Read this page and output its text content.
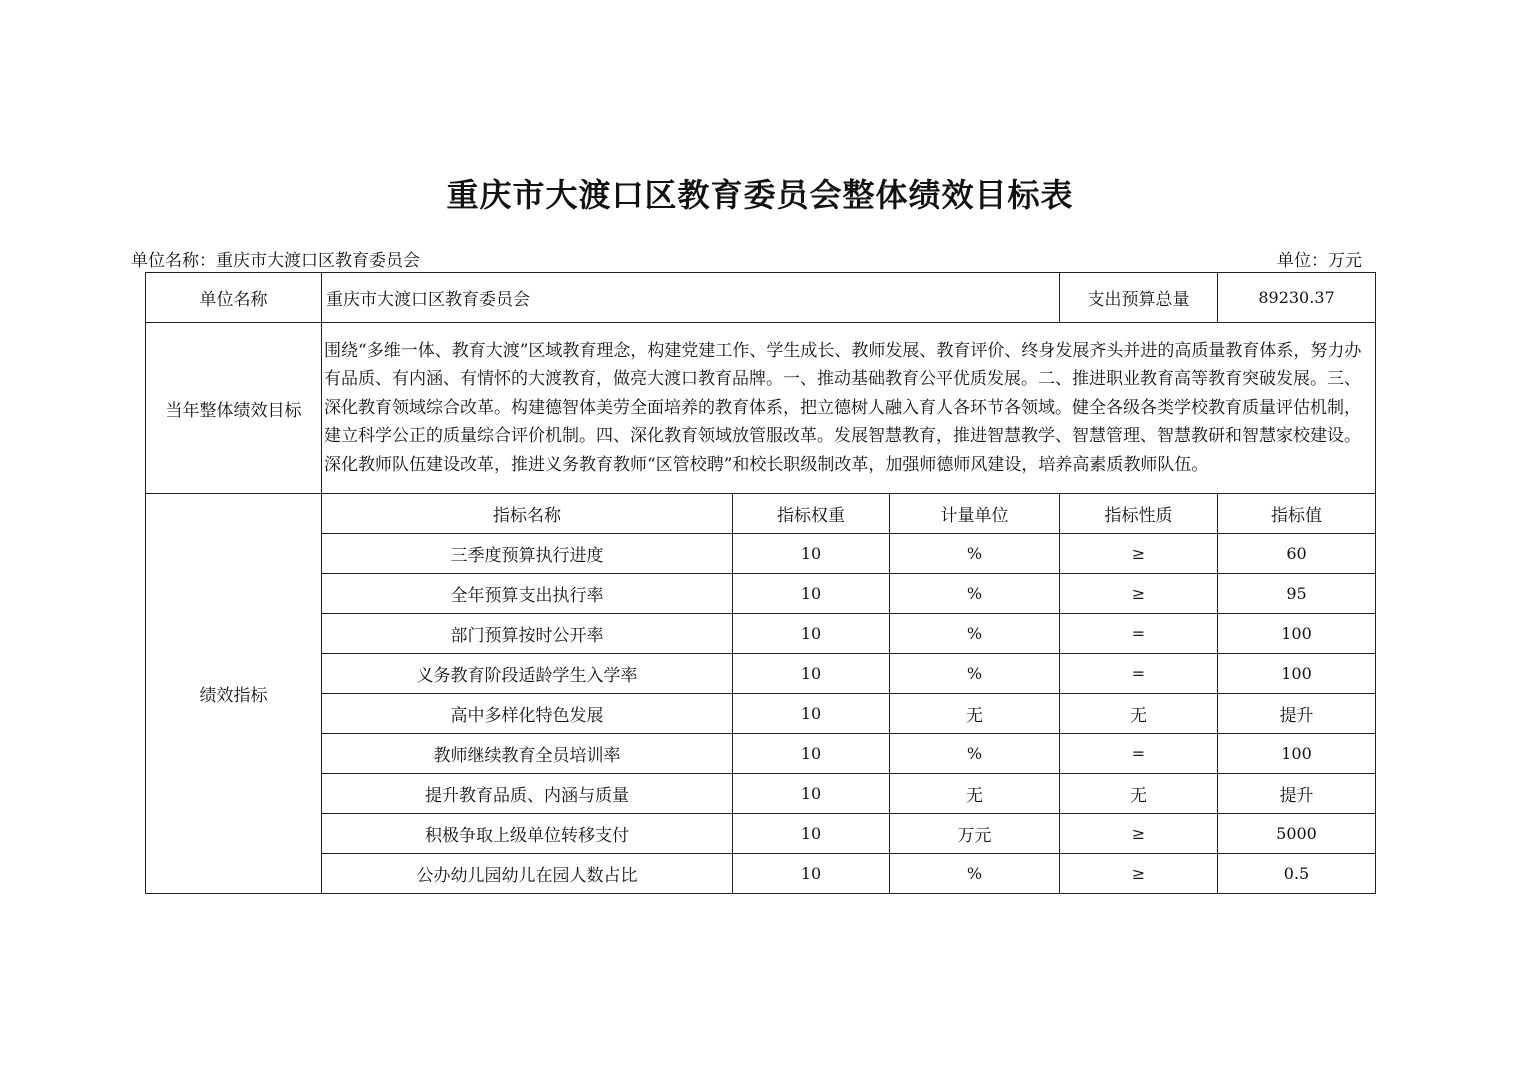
重庆市大渡口区教育委员会整体绩效目标表
单位名称：重庆市大渡口区教育委员会	单位：万元
单位名称	重庆市大渡口区教育委员会			支出预算总量	89230.37
当年整体绩效目标	围绕“多维一体、教育大渡”区域教育理念，构建党建工作、学生成长、教师发展、教育评价、终身发展齐头并进的高质量教育体系，努力办有品质、有内涵、有情怀的大渡教育，做亮大渡口教育品牌。一、推动基础教育公平优质发展。二、推进职业教育高等教育突破发展。三、深化教育领域综合改革。构建德智体美劳全面培养的教育体系，把立德树人融入育人各环节各领域。健全各级各类学校教育质量评估机制，建立科学公正的质量综合评价机制。四、深化教育领域放管服改革。发展智慧教育，推进智慧教学、智慧管理、智慧教研和智慧家校建设。深化教师队伍建设改革，推进义务教育教师“区管校聘”和校长职级制改革，加强师德师风建设，培养高素质教师队伍。				
绩效指标	指标名称	指标权重	计量单位	指标性质	指标值
	三季度预算执行进度	10	%	≥	60
	全年预算支出执行率	10	%	≥	95
	部门预算按时公开率	10	%	=	100
	义务教育阶段适龄学生入学率	10	%	=	100
	高中多样化特色发展	10	无	无	提升
	教师继续教育全员培训率	10	%	=	100
	提升教育品质、内涵与质量	10	无	无	提升
	积极争取上级单位转移支付	10	万元	≥	5000
	公办幼儿园幼儿在园人数占比	10	%	≥	0.5
